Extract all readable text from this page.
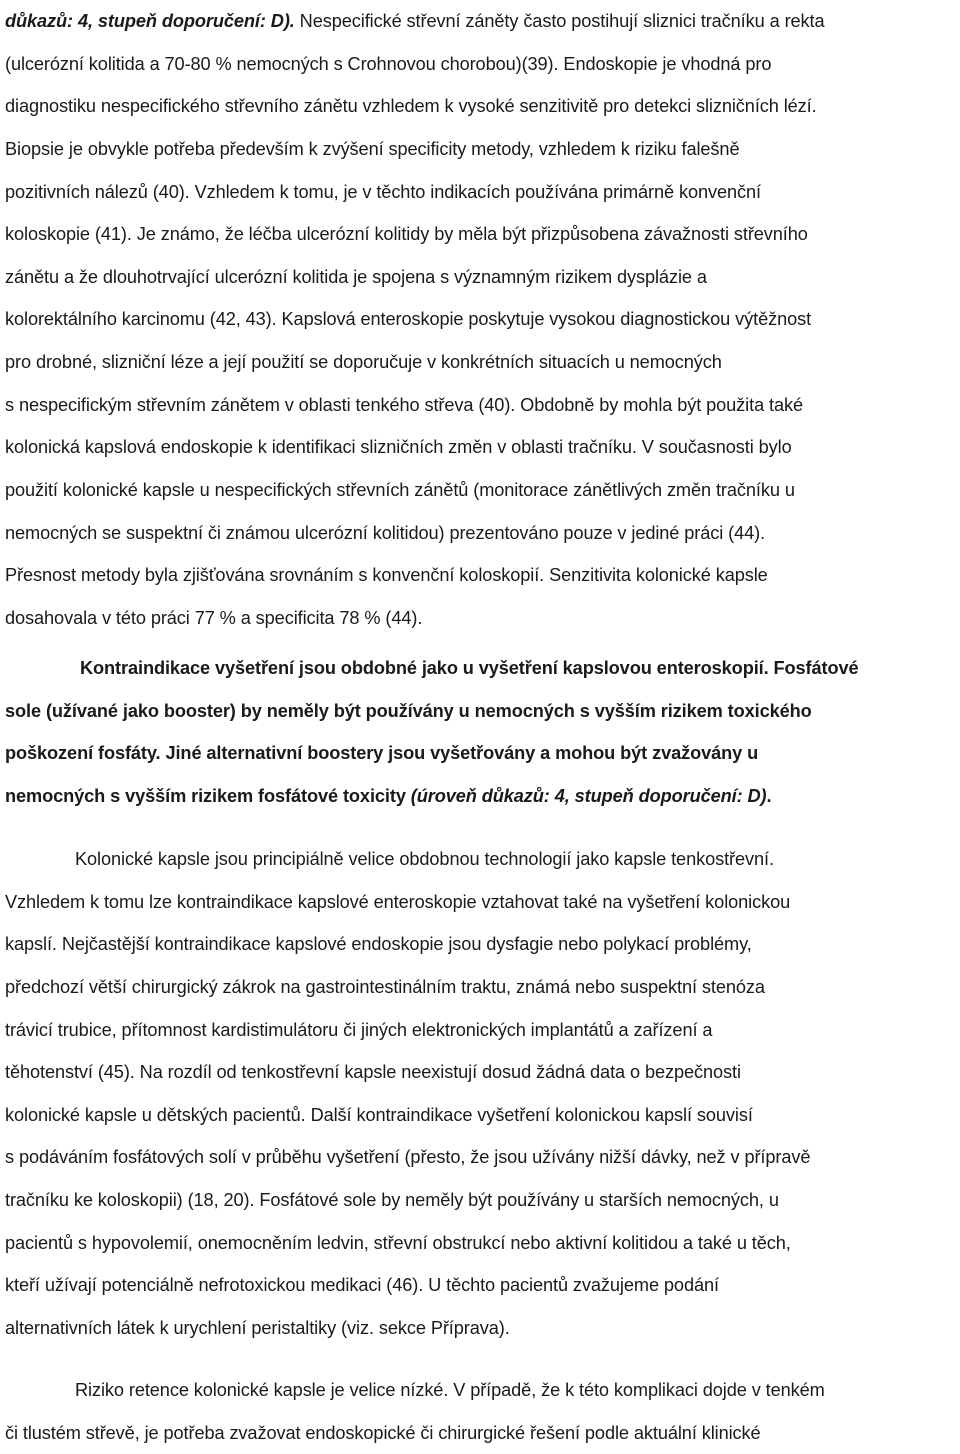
důkazů: 4, stupeň doporučení: D). Nespecifické střevní záněty často postihují sliznici tračníku a rekta
(ulcerózní kolitida a 70-80 % nemocných s Crohnovou chorobou)(39). Endoskopie je vhodná pro
diagnostiku nespecifického střevního zánětu vzhledem k vysoké senzitivitě pro detekci slizničních lézí.
Biopsie je obvykle potřeba především k zvýšení specificity metody, vzhledem k riziku falešně
pozitivních nálezů (40). Vzhledem k tomu, je v těchto indikacích používána primárně konvenční
koloskopie (41). Je známo, že léčba ulcerózní kolitidy by měla být přizpůsobena závažnosti střevního
zánětu a že dlouhotrvající ulcerózní kolitida je spojena s významným rizikem dysplázie a
kolorektálního karcinomu (42, 43). Kapslová enteroskopie poskytuje vysokou diagnostickou výtěžnost
pro drobné, slizniční léze a její použití se doporučuje v konkrétních situacích u nemocných
s nespecifickým střevním zánětem v oblasti tenkého střeva (40). Obdobně by mohla být použita také
kolonická kapslová endoskopie k identifikaci slizničních změn v oblasti tračníku. V současnosti bylo
použití kolonické kapsle u nespecifických střevních zánětů (monitorace zánětlivých změn tračníku u
nemocných se suspektní či známou ulcerózní kolitidou) prezentováno pouze v jediné práci (44).
Přesnost metody byla zjišťována srovnáním s konvenční koloskopií. Senzitivita kolonické kapsle
dosahovala v této práci 77 % a specificita 78 % (44).
Kontraindikace vyšetření jsou obdobné jako u vyšetření kapslovou enteroskopií. Fosfátové
sole (užívané jako booster) by neměly být používány u nemocných s vyšším rizikem toxického
poškození fosfáty. Jiné alternativní boostery jsou vyšetřovány a mohou být zvažovány u
nemocných s vyšším rizikem fosfátové toxicity (úroveň důkazů: 4, stupeň doporučení: D).
Kolonické kapsle jsou principiálně velice obdobnou technologií jako kapsle tenkostřevní.
Vzhledem k tomu lze kontraindikace kapslové enteroskopie vztahovat také na vyšetření kolonickou
kapslí. Nejčastější kontraindikace kapslové endoskopie jsou dysfagie nebo polykací problémy,
předchozí větší chirurgický zákrok na gastrointestinálním traktu, známá nebo suspektní stenóza
trávicí trubice, přítomnost kardistimulátoru či jiných elektronických implantátů a zařízení a
těhotenství (45). Na rozdíl od tenkostřevní kapsle neexistují dosud žádná data o bezpečnosti
kolonické kapsle u dětských pacientů. Další kontraindikace vyšetření kolonickou kapslí souvisí
s podáváním fosfátových solí v průběhu vyšetření (přesto, že jsou užívány nižší dávky, než v přípravě
tračníku ke koloskopii) (18, 20). Fosfátové sole by neměly být používány u starších nemocných, u
pacientů s hypovolemií, onemocněním ledvin, střevní obstrukcí nebo aktivní kolitidou a také u těch,
kteří užívají potenciálně nefrotoxickou medikaci (46). U těchto pacientů zvažujeme podání
alternativních látek k urychlení peristaltiky (viz. sekce Příprava).
Riziko retence kolonické kapsle je velice nízké. V případě, že k této komplikaci dojde v tenkém
či tlustém střevě, je potřeba zvažovat endoskopické či chirurgické řešení podle aktuální klinické
